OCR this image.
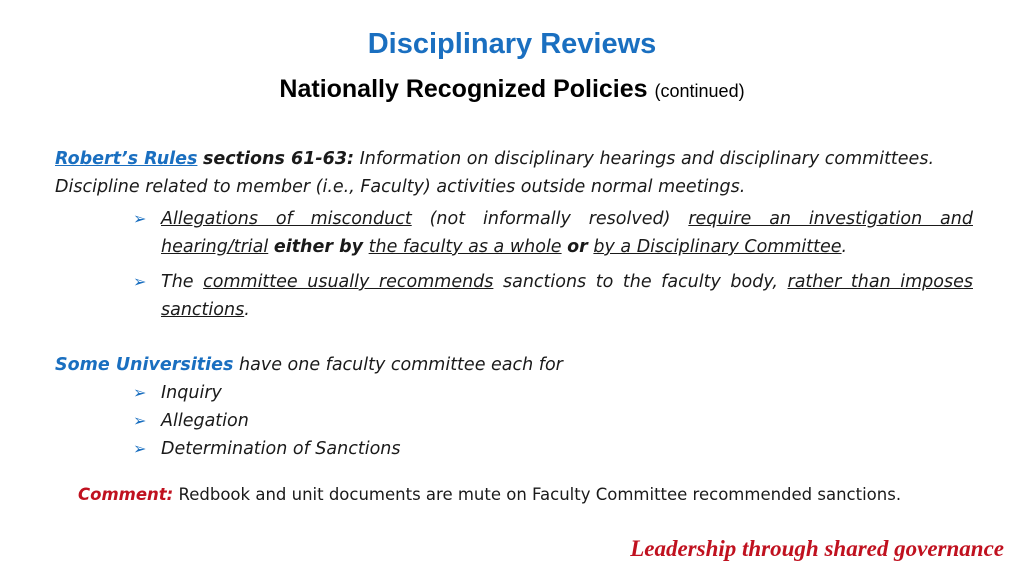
Disciplinary Reviews
Nationally Recognized Policies (continued)
Robert’s Rules sections 61-63: Information on disciplinary hearings and disciplinary committees.
Discipline related to member (i.e., Faculty) activities outside normal meetings.
➢ Allegations of misconduct (not informally resolved) require an investigation and hearing/trial either by the faculty as a whole or by a Disciplinary Committee.
➢ The committee usually recommends sanctions to the faculty body, rather than imposes sanctions.
Some Universities have one faculty committee each for
➢ Inquiry
➢ Allegation
➢ Determination of Sanctions
Comment: Redbook and unit documents are mute on Faculty Committee recommended sanctions.
Leadership through shared governance
